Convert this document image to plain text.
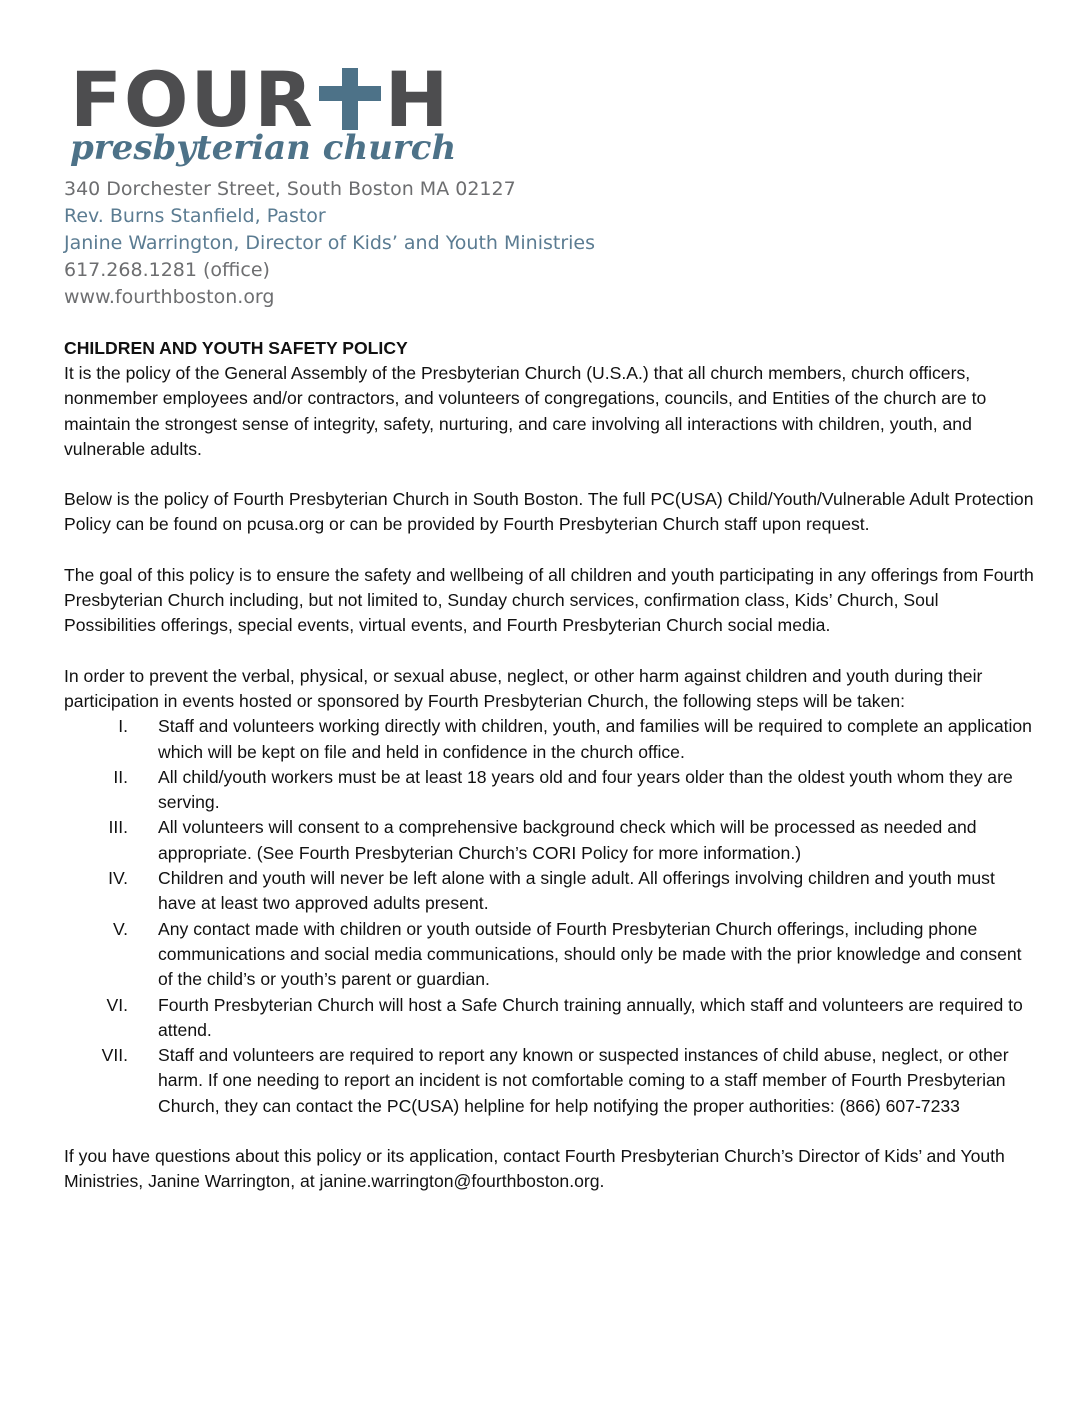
FOUR H
presbyterian church
340 Dorchester Street, South Boston MA 02127
Rev. Burns Stanfield, Pastor
Janine Warrington, Director of Kids’ and Youth Ministries
617.268.1281 (office)
www.fourthboston.org
CHILDREN AND YOUTH SAFETY POLICY

It is the policy of the General Assembly of the Presbyterian Church (U.S.A.) that all church members, church officers, nonmember employees and/or contractors, and volunteers of congregations, councils, and Entities of the church are to maintain the strongest sense of integrity, safety, nurturing, and care involving all interactions with children, youth, and vulnerable adults.

Below is the policy of Fourth Presbyterian Church in South Boston. The full PC(USA) Child/Youth/Vulnerable Adult Protection Policy can be found on pcusa.org or can be provided by Fourth Presbyterian Church staff upon request.

The goal of this policy is to ensure the safety and wellbeing of all children and youth participating in any offerings from Fourth Presbyterian Church including, but not limited to, Sunday church services, confirmation class, Kids’ Church, Soul Possibilities offerings, special events, virtual events, and Fourth Presbyterian Church social media.

In order to prevent the verbal, physical, or sexual abuse, neglect, or other harm against children and youth during their participation in events hosted or sponsored by Fourth Presbyterian Church, the following steps will be taken:

I.	Staff and volunteers working directly with children, youth, and families will be required to complete an application which will be kept on file and held in confidence in the church office.
II.	All child/youth workers must be at least 18 years old and four years older than the oldest youth whom they are serving.
III.	All volunteers will consent to a comprehensive background check which will be processed as needed and appropriate. (See Fourth Presbyterian Church’s CORI Policy for more information.)
IV.	Children and youth will never be left alone with a single adult. All offerings involving children and youth must have at least two approved adults present.
V.	Any contact made with children or youth outside of Fourth Presbyterian Church offerings, including phone communications and social media communications, should only be made with the prior knowledge and consent of the child’s or youth’s parent or guardian.
VI.	Fourth Presbyterian Church will host a Safe Church training annually, which staff and volunteers are required to attend.
VII.	Staff and volunteers are required to report any known or suspected instances of child abuse, neglect, or other harm. If one needing to report an incident is not comfortable coming to a staff member of Fourth Presbyterian Church, they can contact the PC(USA) helpline for help notifying the proper authorities: (866) 607-7233

If you have questions about this policy or its application, contact Fourth Presbyterian Church’s Director of Kids’ and Youth Ministries, Janine Warrington, at janine.warrington@fourthboston.org.
